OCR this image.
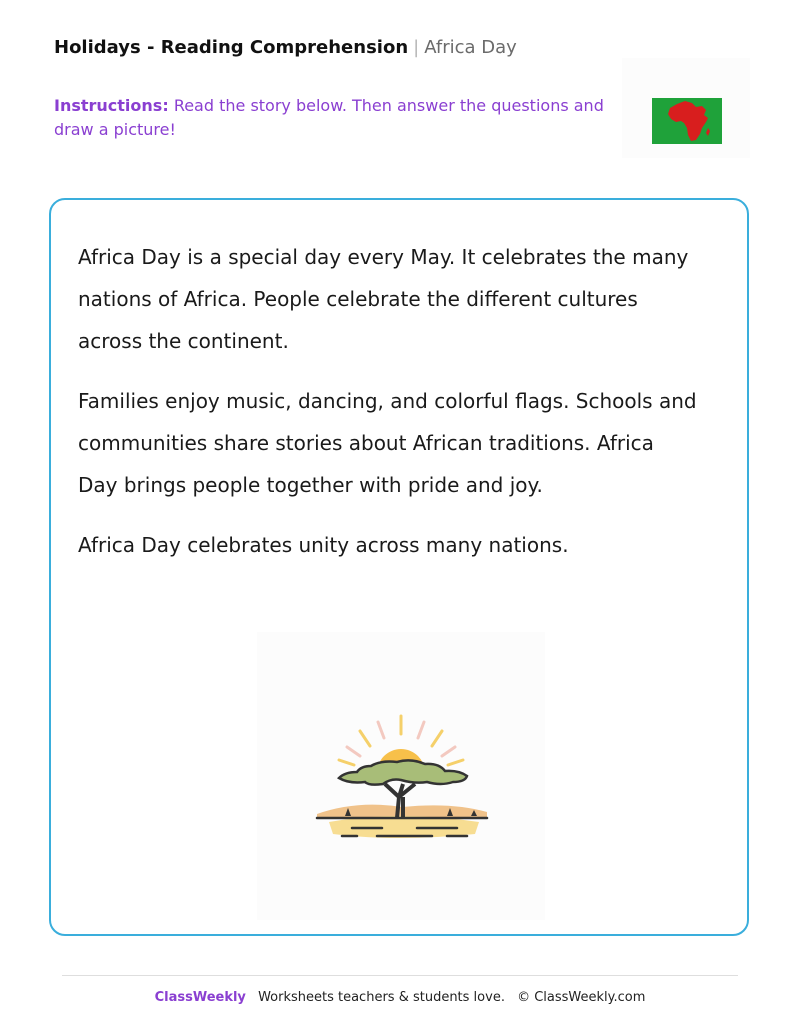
Holidays - Reading Comprehension | Africa Day
Instructions: Read the story below. Then answer the questions and draw a picture!

Africa Day is a special day every May. It celebrates the many nations of Africa. People celebrate the different cultures across the continent.

Families enjoy music, dancing, and colorful flags. Schools and communities share stories about African traditions. Africa Day brings people together with pride and joy.

Africa Day celebrates unity across many nations.

ClassWeekly Worksheets teachers & students love. © ClassWeekly.com
